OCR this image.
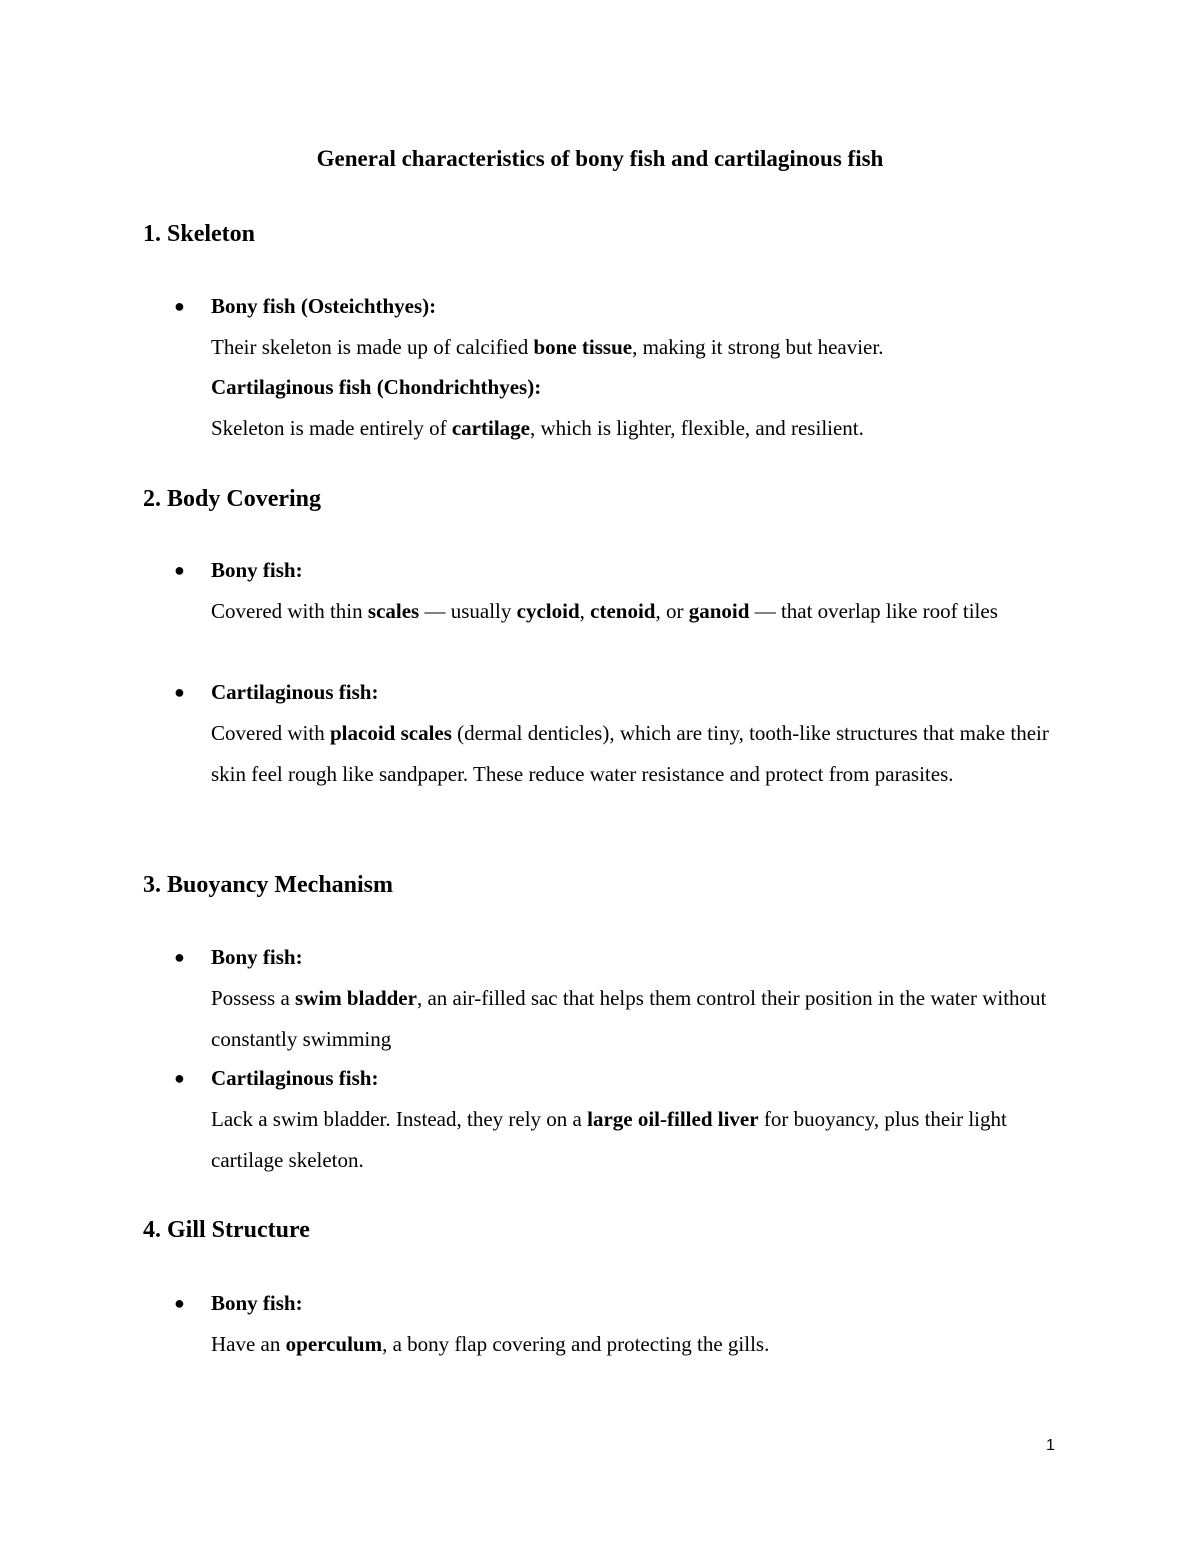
General characteristics of bony fish and cartilaginous fish
1. Skeleton
● Bony fish (Osteichthyes):
Their skeleton is made up of calcified bone tissue, making it strong but heavier.
Cartilaginous fish (Chondrichthyes):
Skeleton is made entirely of cartilage, which is lighter, flexible, and resilient.
2. Body Covering
● Bony fish:
Covered with thin scales — usually cycloid, ctenoid, or ganoid — that overlap like roof tiles
● Cartilaginous fish:
Covered with placoid scales (dermal denticles), which are tiny, tooth-like structures that make their skin feel rough like sandpaper. These reduce water resistance and protect from parasites.
3. Buoyancy Mechanism
● Bony fish:
Possess a swim bladder, an air-filled sac that helps them control their position in the water without constantly swimming
● Cartilaginous fish:
Lack a swim bladder. Instead, they rely on a large oil-filled liver for buoyancy, plus their light cartilage skeleton.
4. Gill Structure
● Bony fish:
Have an operculum, a bony flap covering and protecting the gills.
1
